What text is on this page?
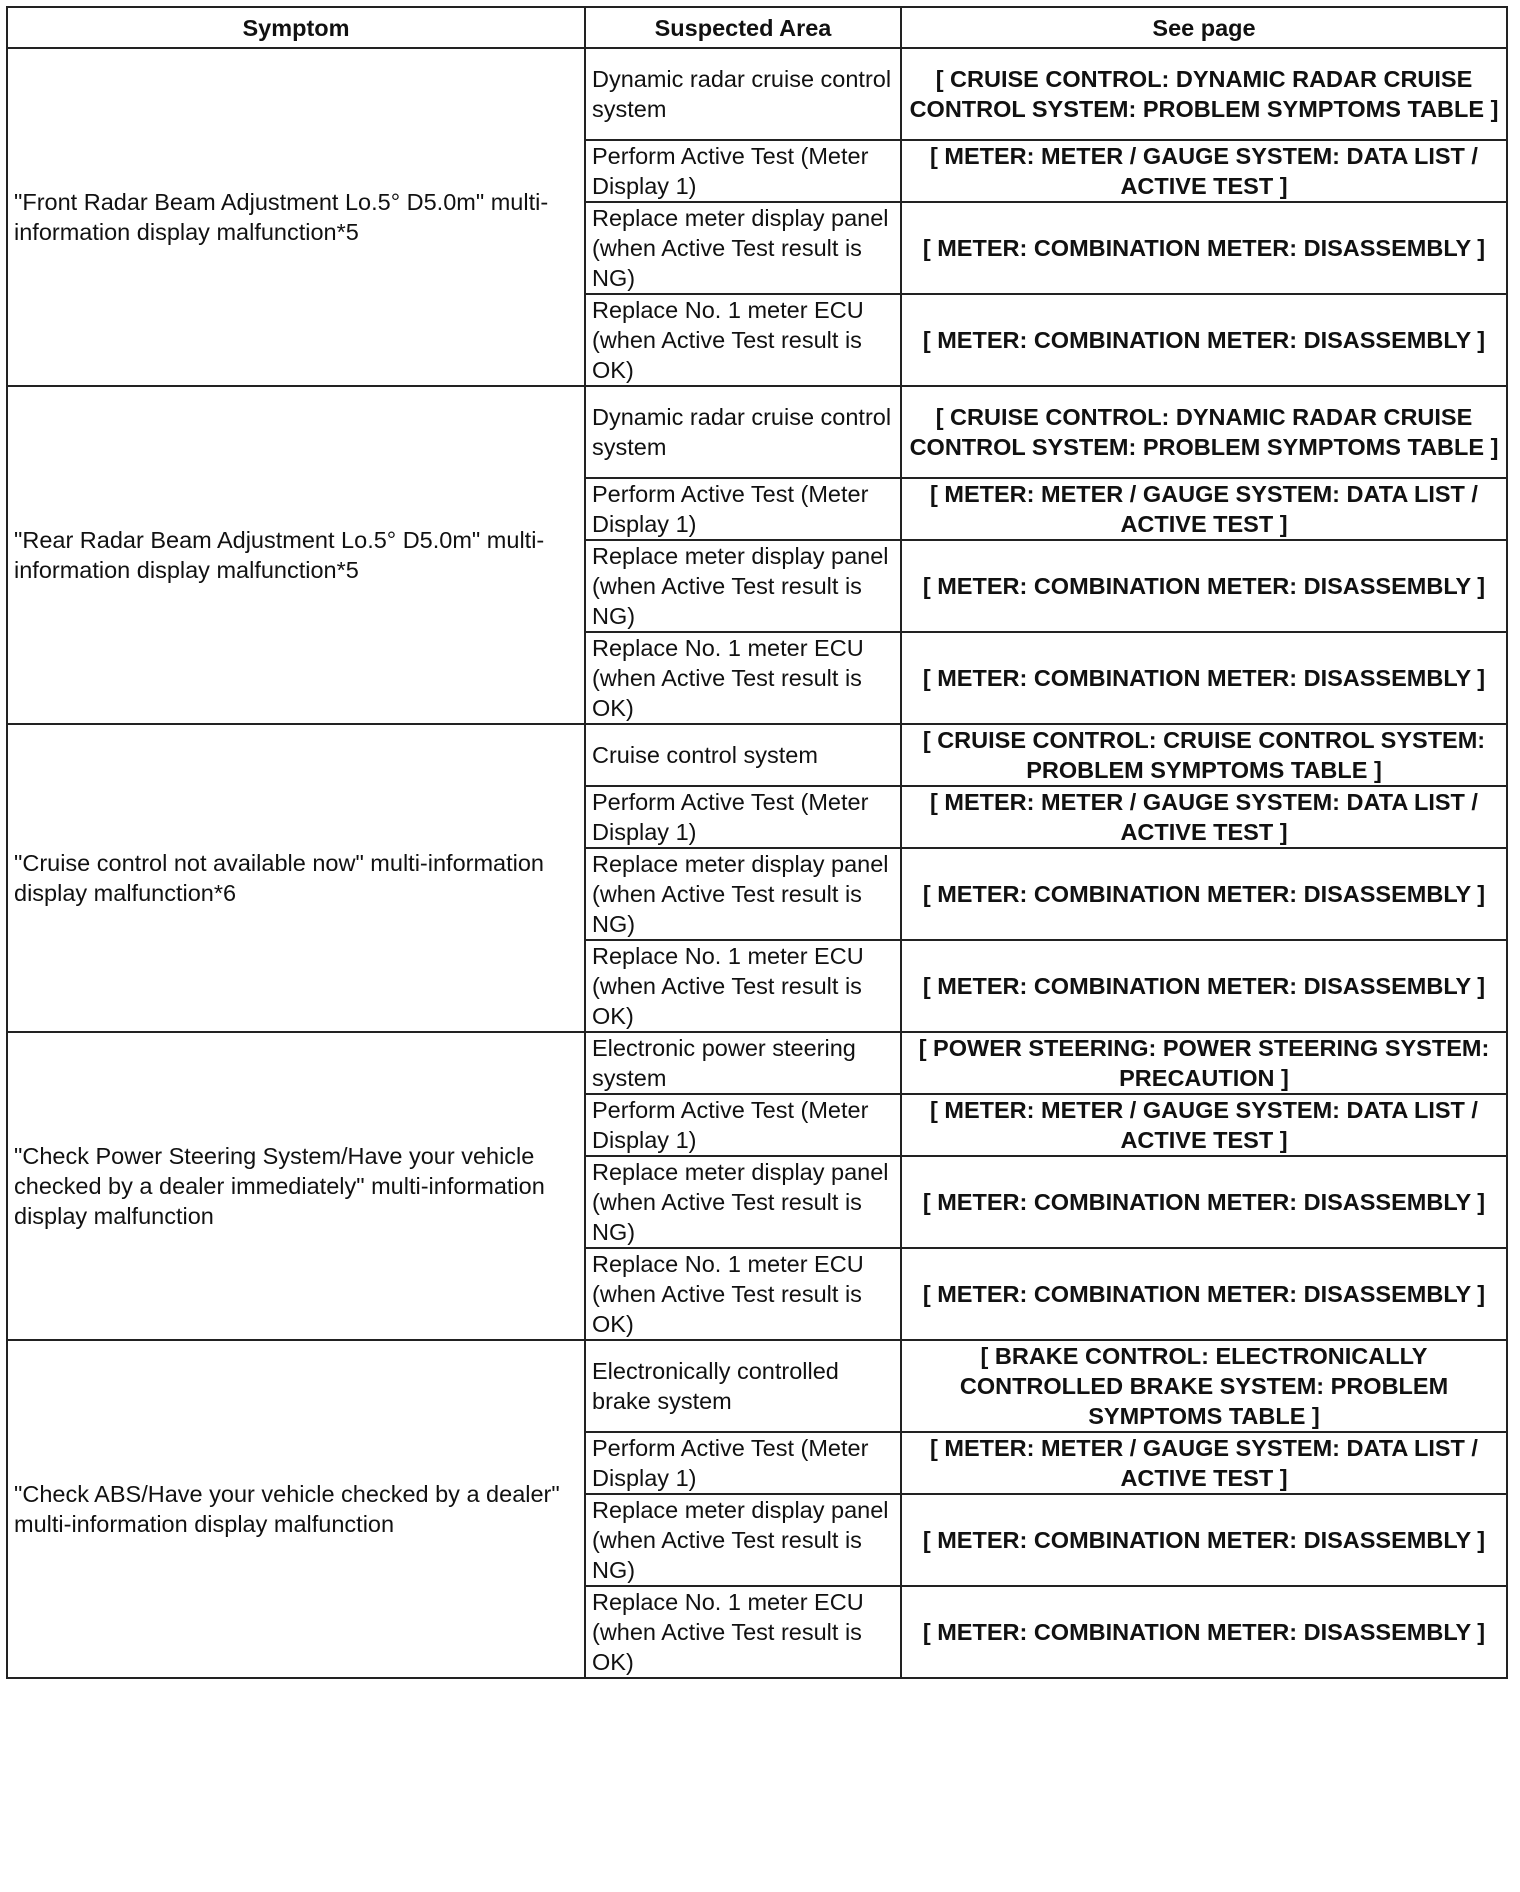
Symptom	Suspected Area	See page
"Front Radar Beam Adjustment Lo.5° D5.0m" multi-information display malfunction*5	Dynamic radar cruise control system	[ CRUISE CONTROL: DYNAMIC RADAR CRUISE CONTROL SYSTEM: PROBLEM SYMPTOMS TABLE ]
	Perform Active Test (Meter Display 1)	[ METER: METER / GAUGE SYSTEM: DATA LIST / ACTIVE TEST ]
	Replace meter display panel (when Active Test result is NG)	[ METER: COMBINATION METER: DISASSEMBLY ]
	Replace No. 1 meter ECU (when Active Test result is OK)	[ METER: COMBINATION METER: DISASSEMBLY ]
"Rear Radar Beam Adjustment Lo.5° D5.0m" multi-information display malfunction*5	Dynamic radar cruise control system	[ CRUISE CONTROL: DYNAMIC RADAR CRUISE CONTROL SYSTEM: PROBLEM SYMPTOMS TABLE ]
	Perform Active Test (Meter Display 1)	[ METER: METER / GAUGE SYSTEM: DATA LIST / ACTIVE TEST ]
	Replace meter display panel (when Active Test result is NG)	[ METER: COMBINATION METER: DISASSEMBLY ]
	Replace No. 1 meter ECU (when Active Test result is OK)	[ METER: COMBINATION METER: DISASSEMBLY ]
"Cruise control not available now" multi-information display malfunction*6	Cruise control system	[ CRUISE CONTROL: CRUISE CONTROL SYSTEM: PROBLEM SYMPTOMS TABLE ]
	Perform Active Test (Meter Display 1)	[ METER: METER / GAUGE SYSTEM: DATA LIST / ACTIVE TEST ]
	Replace meter display panel (when Active Test result is NG)	[ METER: COMBINATION METER: DISASSEMBLY ]
	Replace No. 1 meter ECU (when Active Test result is OK)	[ METER: COMBINATION METER: DISASSEMBLY ]
"Check Power Steering System/Have your vehicle checked by a dealer immediately" multi-information display malfunction	Electronic power steering system	[ POWER STEERING: POWER STEERING SYSTEM: PRECAUTION ]
	Perform Active Test (Meter Display 1)	[ METER: METER / GAUGE SYSTEM: DATA LIST / ACTIVE TEST ]
	Replace meter display panel (when Active Test result is NG)	[ METER: COMBINATION METER: DISASSEMBLY ]
	Replace No. 1 meter ECU (when Active Test result is OK)	[ METER: COMBINATION METER: DISASSEMBLY ]
"Check ABS/Have your vehicle checked by a dealer" multi-information display malfunction	Electronically controlled brake system	[ BRAKE CONTROL: ELECTRONICALLY CONTROLLED BRAKE SYSTEM: PROBLEM SYMPTOMS TABLE ]
	Perform Active Test (Meter Display 1)	[ METER: METER / GAUGE SYSTEM: DATA LIST / ACTIVE TEST ]
	Replace meter display panel (when Active Test result is NG)	[ METER: COMBINATION METER: DISASSEMBLY ]
	Replace No. 1 meter ECU (when Active Test result is OK)	[ METER: COMBINATION METER: DISASSEMBLY ]
